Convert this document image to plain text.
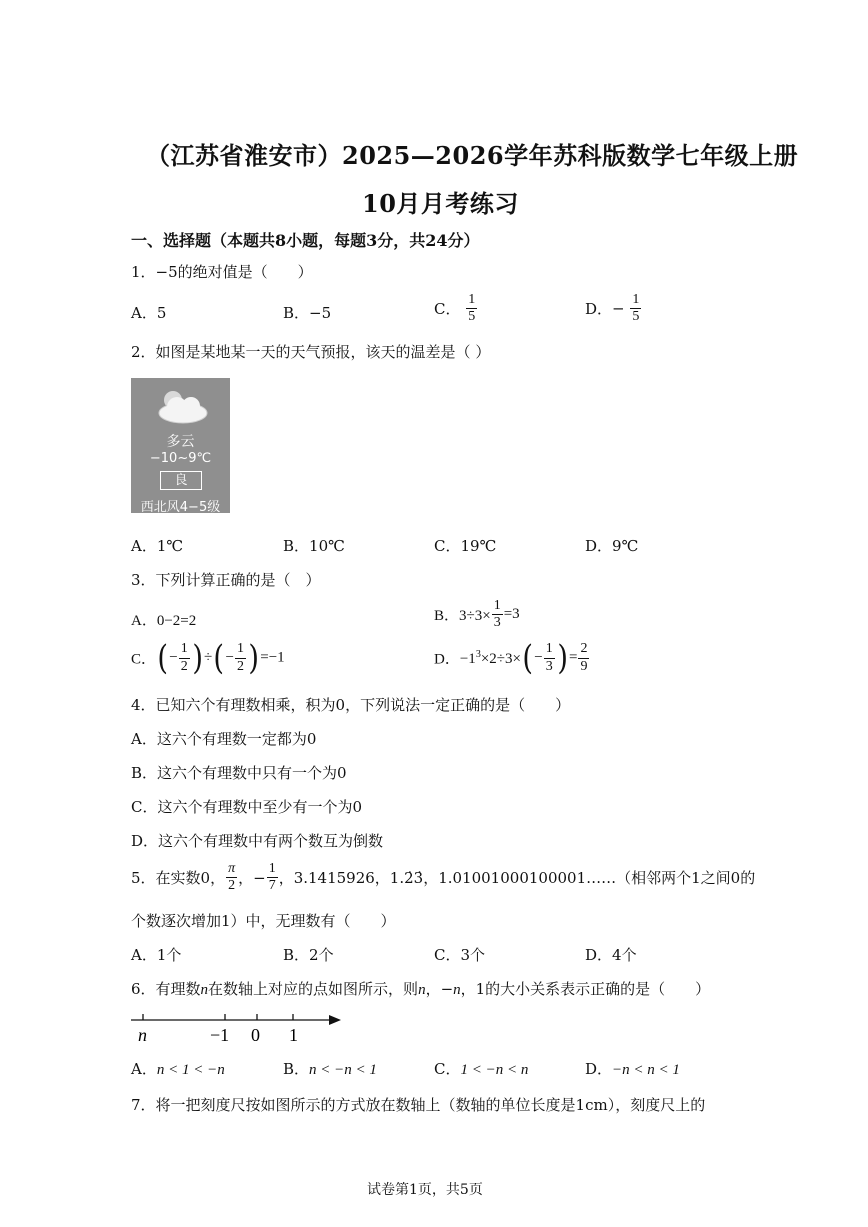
（江苏省淮安市）2025—2026学年苏科版数学七年级上册
10月月考练习
一、选择题（本题共8小题，每题3分，共24分）
1．−5的绝对值是（　　）
A．5	B．−5	C． $\frac{1}{5}$	D．− $\frac{1}{5}$
2．如图是某地某一天的天气预报，该天的温差是（ ）
多云
−10~9℃
良
西北风4−5级
A．1℃	B．10℃	C．19℃	D．9℃
3．下列计算正确的是（　）
A．0−2=2	B．$3\div 3\times \frac{1}{3} =3$
C．(− $\frac{1}{2}$ )÷(− $\frac{1}{2} )=-1$	D．$-1^3\times 2\div 3\times(- \frac{1}{3}$ )= $\frac{2}{9}$
4．已知六个有理数相乘，积为0，下列说法一定正确的是（　　）
A．这六个有理数一定都为0
B．这六个有理数中只有一个为0
C．这六个有理数中至少有一个为0
D．这六个有理数中有两个数互为倒数
5．在实数0， $\frac{\pi}{2}$ ，− $\frac{1}{7}$ ，3.1415926，1.2̇3̇，1.01001000100001……（相邻两个1之间0的
个数逐次增加1）中，无理数有（　　）
A．1个	B．2个	C．3个	D．4个
6．有理数n在数轴上对应的点如图所示，则n，−n，1的大小关系表示正确的是（　　）
n	−1 0 1
A．n < 1 < −n	B．n < −n < 1	C．1 < −n < n	D．−n < n < 1
7．将一把刻度尺按如图所示的方式放在数轴上（数轴的单位长度是1cm），刻度尺上的
试卷第1页，共5页
